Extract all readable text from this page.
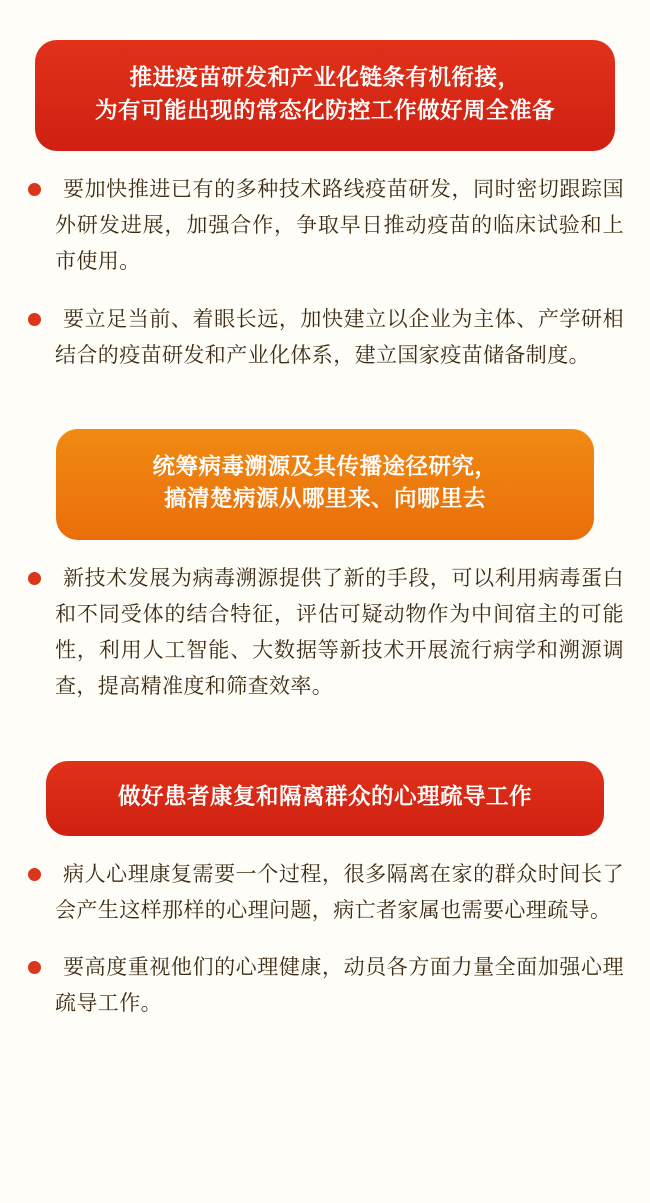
推进疫苗研发和产业化链条有机衔接，
为有可能出现的常态化防控工作做好周全准备
要加快推进已有的多种技术路线疫苗研发，同时密切跟踪国外研发进展，加强合作，争取早日推动疫苗的临床试验和上市使用。
要立足当前、着眼长远，加快建立以企业为主体、产学研相结合的疫苗研发和产业化体系，建立国家疫苗储备制度。
统筹病毒溯源及其传播途径研究，
搞清楚病源从哪里来、向哪里去
新技术发展为病毒溯源提供了新的手段，可以利用病毒蛋白和不同受体的结合特征，评估可疑动物作为中间宿主的可能性，利用人工智能、大数据等新技术开展流行病学和溯源调查，提高精准度和筛查效率。
做好患者康复和隔离群众的心理疏导工作
病人心理康复需要一个过程，很多隔离在家的群众时间长了会产生这样那样的心理问题，病亡者家属也需要心理疏导。
要高度重视他们的心理健康，动员各方面力量全面加强心理疏导工作。
